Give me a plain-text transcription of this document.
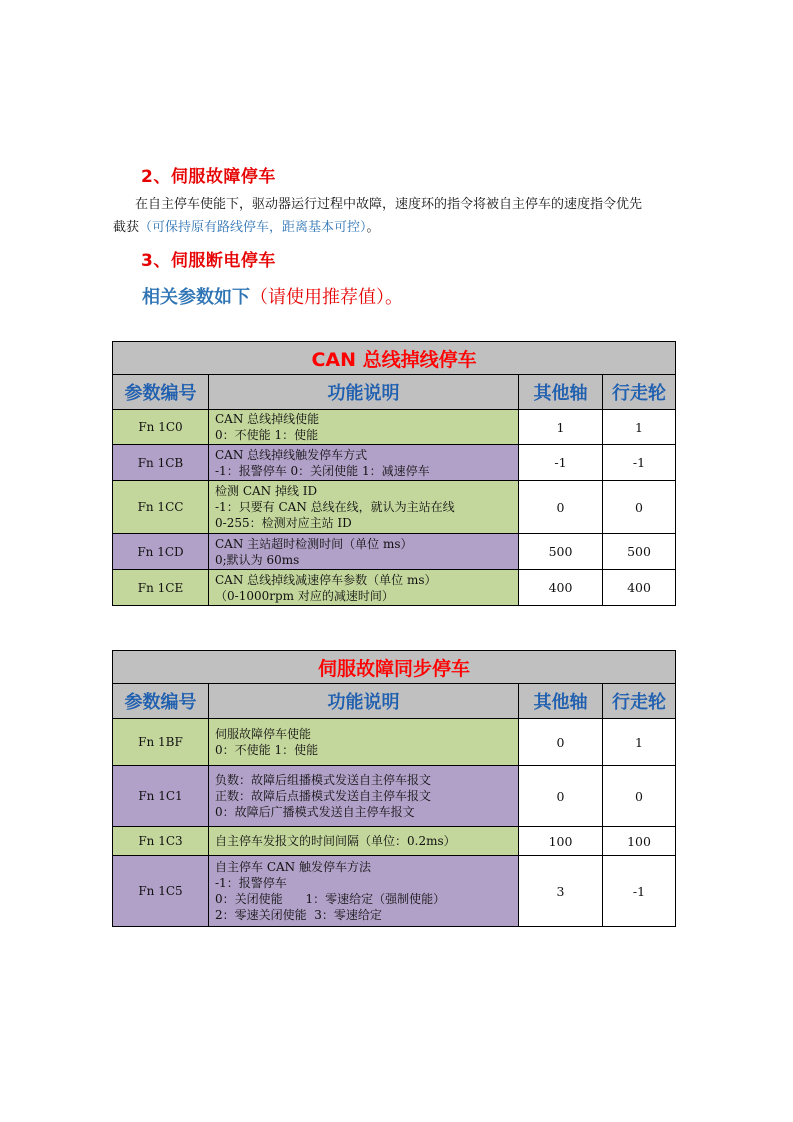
2、伺服故障停车
在自主停车使能下，驱动器运行过程中故障，速度环的指令将被自主停车的速度指令优先
截获（可保持原有路线停车，距离基本可控）。
3、伺服断电停车
相关参数如下（请使用推荐值）。
CAN 总线掉线停车			
参数编号	功能说明	其他轴	行走轮
Fn 1C0	CAN 总线掉线使能
0：不使能 1：使能	1	1
Fn 1CB	CAN 总线掉线触发停车方式
-1：报警停车 0：关闭使能 1：减速停车	-1	-1
Fn 1CC	检测 CAN 掉线 ID
-1：只要有 CAN 总线在线，就认为主站在线
0-255：检测对应主站 ID	0	0
Fn 1CD	CAN 主站超时检测时间（单位 ms）
0;默认为 60ms	500	500
Fn 1CE	CAN 总线掉线减速停车参数（单位 ms）
（0-1000rpm 对应的减速时间）	400	400
伺服故障同步停车			
参数编号	功能说明	其他轴	行走轮
Fn 1BF	伺服故障停车使能
0：不使能 1：使能	0	1
Fn 1C1	负数：故障后组播模式发送自主停车报文
正数：故障后点播模式发送自主停车报文
0：故障后广播模式发送自主停车报文	0	0
Fn 1C3	自主停车发报文的时间间隔（单位：0.2ms）	100	100
Fn 1C5	自主停车 CAN 触发停车方法
-1：报警停车
0：关闭使能      1：零速给定（强制使能）
2：零速关闭使能  3：零速给定	3	-1
